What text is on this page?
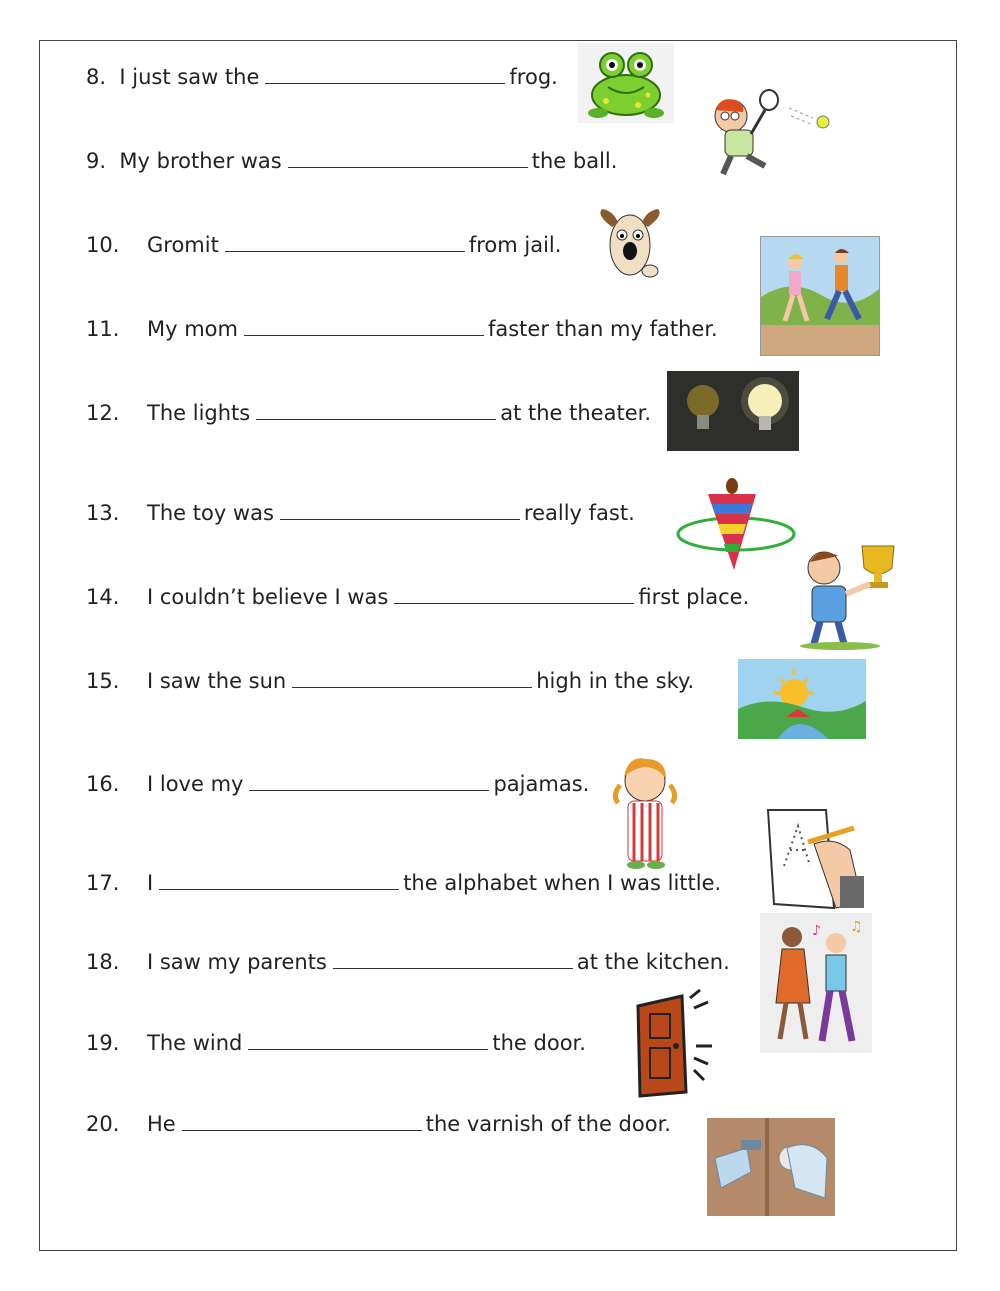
8. I just saw the	frog.
9. My brother was	the ball.
10. Gromit	from jail.
11. My mom	faster than my father.
12. The lights	at the theater.
13. The toy was	really fast.
14. I couldn’t believe I was	first place.
15. I saw the sun	high in the sky.
16. I love my	pajamas.
17. I	the alphabet when I was little.
18. I saw my parents	at the kitchen.
19. The wind	the door.
20. He	the varnish of the door.
♪ ♫
